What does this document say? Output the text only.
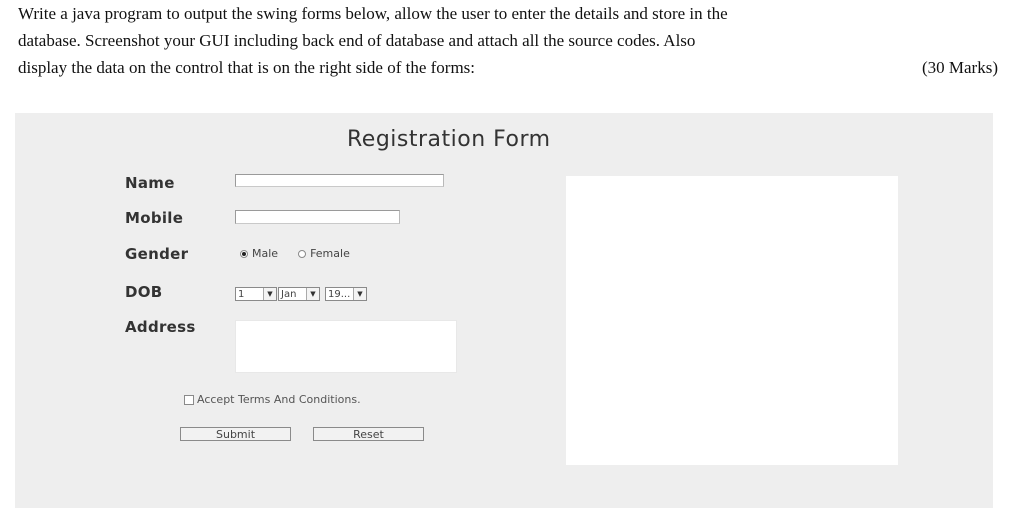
Write a java program to output the swing forms below, allow the user to enter the details and store in the
database. Screenshot your GUI including back end of database and attach all the source codes. Also
display the data on the control that is on the right side of the forms:	(30 Marks)
Registration Form
Name
Mobile
Gender	Male	Female
DOB	1	▼ Jan	▼	19...	▼
Address
Accept Terms And Conditions.
Submit	Reset
